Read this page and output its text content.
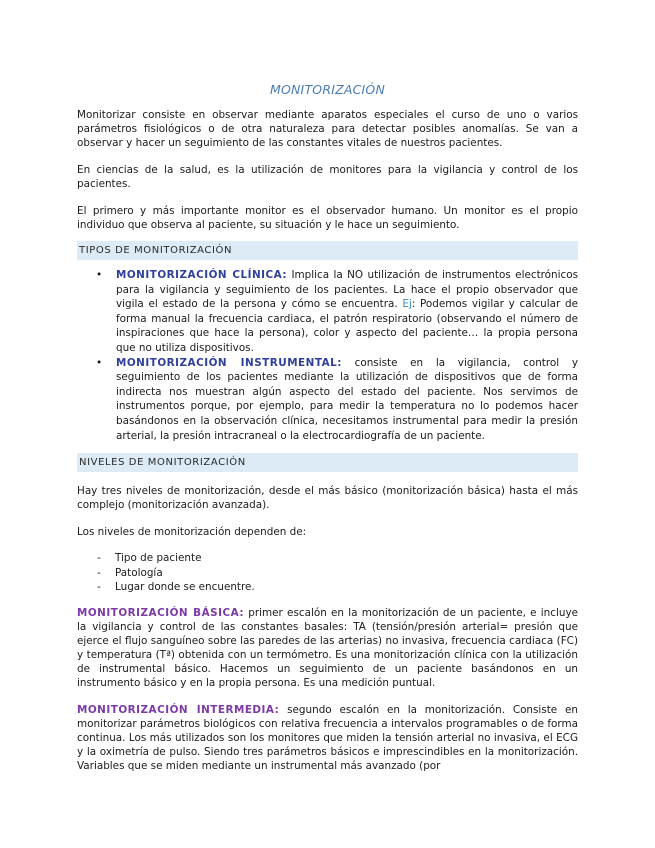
MONITORIZACIÓN

Monitorizar consiste en observar mediante aparatos especiales el curso de uno o varios parámetros fisiológicos o de otra naturaleza para detectar posibles anomalías. Se van a observar y hacer un seguimiento de las constantes vitales de nuestros pacientes.

En ciencias de la salud, es la utilización de monitores para la vigilancia y control de los pacientes.

El primero y más importante monitor es el observador humano. Un monitor es el propio individuo que observa al paciente, su situación y le hace un seguimiento.

TIPOS DE MONITORIZACIÓN
• MONITORIZACIÓN CLÍNICA: Implica la NO utilización de instrumentos electrónicos para la vigilancia y seguimiento de los pacientes. La hace el propio observador que vigila el estado de la persona y cómo se encuentra. Ej: Podemos vigilar y calcular de forma manual la frecuencia cardiaca, el patrón respiratorio (observando el número de inspiraciones que hace la persona), color y aspecto del paciente… la propia persona que no utiliza dispositivos.
• MONITORIZACIÓN INSTRUMENTAL: consiste en la vigilancia, control y seguimiento de los pacientes mediante la utilización de dispositivos que de forma indirecta nos muestran algún aspecto del estado del paciente. Nos servimos de instrumentos porque, por ejemplo, para medir la temperatura no lo podemos hacer basándonos en la observación clínica, necesitamos instrumental para medir la presión arterial, la presión intracraneal o la electrocardiografía de un paciente.
NIVELES DE MONITORIZACIÓN

Hay tres niveles de monitorización, desde el más básico (monitorización básica) hasta el más complejo (monitorización avanzada).

Los niveles de monitorización dependen de:

- Tipo de paciente
- Patología
- Lugar donde se encuentre.

MONITORIZACIÓN BÁSICA: primer escalón en la monitorización de un paciente, e incluye la vigilancia y control de las constantes basales: TA (tensión/presión arterial= presión que ejerce el flujo sanguíneo sobre las paredes de las arterias) no invasiva, frecuencia cardiaca (FC) y temperatura (Tª) obtenida con un termómetro. Es una monitorización clínica con la utilización de instrumental básico. Hacemos un seguimiento de un paciente basándonos en un instrumento básico y en la propia persona. Es una medición puntual.

MONITORIZACIÓN INTERMEDIA: segundo escalón en la monitorización. Consiste en monitorizar parámetros biológicos con relativa frecuencia a intervalos programables o de forma continua. Los más utilizados son los monitores que miden la tensión arterial no invasiva, el ECG y la oximetría de pulso. Siendo tres parámetros básicos e imprescindibles en la monitorización. Variables que se miden mediante un instrumental más avanzado (por
